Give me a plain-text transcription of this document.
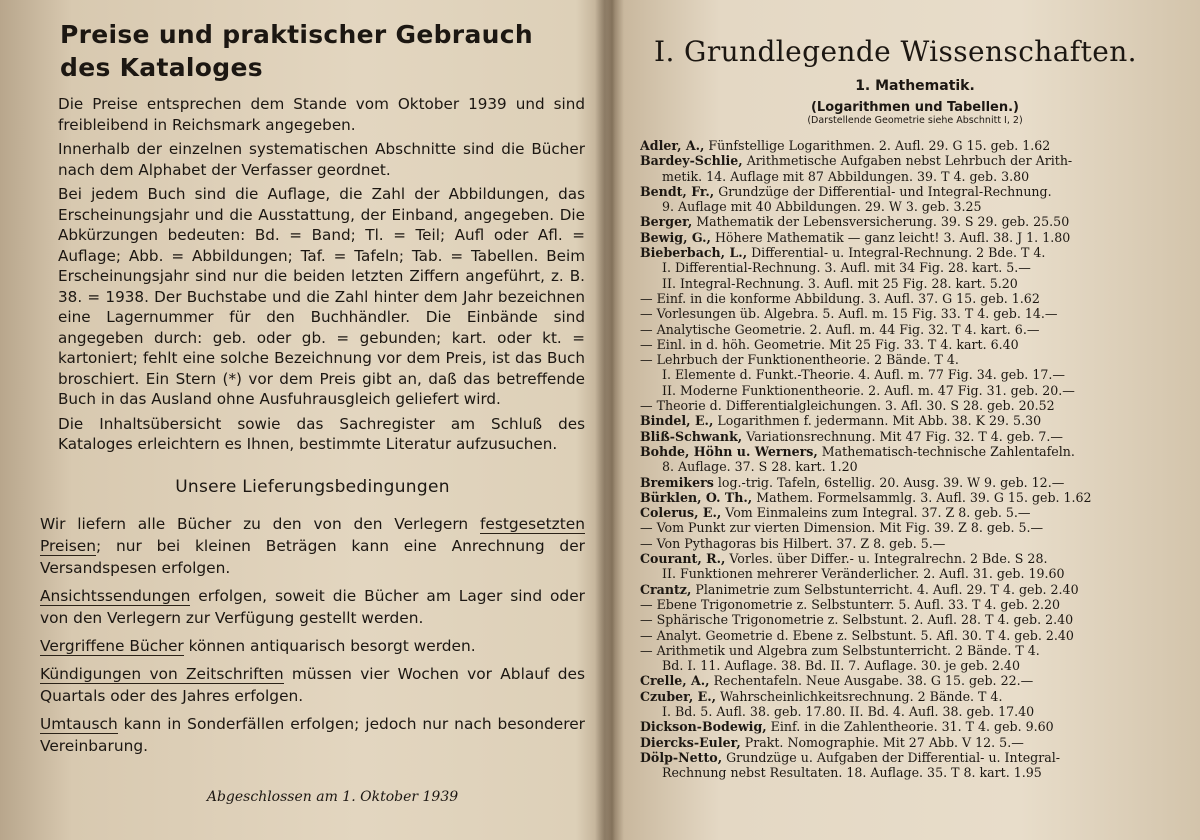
Preise und praktischer Gebrauch des Kataloges
Die Preise entsprechen dem Stande vom Oktober 1939 und sind freibleibend in Reichsmark angegeben.
Innerhalb der einzelnen systematischen Abschnitte sind die Bücher nach dem Alphabet der Verfasser geordnet.
Bei jedem Buch sind die Auflage, die Zahl der Abbildungen, das Erscheinungsjahr und die Ausstattung, der Einband, angegeben. Die Abkürzungen bedeuten: Bd. = Band; Tl. = Teil; Aufl oder Afl. = Auflage; Abb. = Abbildungen; Taf. = Tafeln; Tab. = Tabellen. Beim Erscheinungsjahr sind nur die beiden letzten Ziffern angeführt, z. B. 38. = 1938. Der Buchstabe und die Zahl hinter dem Jahr bezeichnen eine Lagernummer für den Buchhändler. Die Einbände sind angegeben durch: geb. oder gb. = gebunden; kart. oder kt. = kartoniert; fehlt eine solche Bezeichnung vor dem Preis, ist das Buch broschiert. Ein Stern (*) vor dem Preis gibt an, daß das betreffende Buch in das Ausland ohne Ausfuhrausgleich geliefert wird.
Die Inhaltsübersicht sowie das Sachregister am Schluß des Kataloges erleichtern es Ihnen, bestimmte Literatur aufzusuchen.
Unsere Lieferungsbedingungen
Wir liefern alle Bücher zu den von den Verlegern festgesetzten Preisen; nur bei kleinen Beträgen kann eine Anrechnung der Versandspesen erfolgen.
Ansichtssendungen erfolgen, soweit die Bücher am Lager sind oder von den Verlegern zur Verfügung gestellt werden.
Vergriffene Bücher können antiquarisch besorgt werden.
Kündigungen von Zeitschriften müssen vier Wochen vor Ablauf des Quartals oder des Jahres erfolgen.
Umtausch kann in Sonderfällen erfolgen; jedoch nur nach besonderer Vereinbarung.
Abgeschlossen am 1. Oktober 1939
I. Grundlegende Wissenschaften.
1. Mathematik.
(Logarithmen und Tabellen.)
(Darstellende Geometrie siehe Abschnitt I, 2)
Adler, A., Fünfstellige Logarithmen. 2. Aufl. 29. G 15. geb. 1.62
Bardey-Schlie, Arithmetische Aufgaben nebst Lehrbuch der Arith-
metik. 14. Auflage mit 87 Abbildungen. 39. T 4. geb. 3.80
Bendt, Fr., Grundzüge der Differential- und Integral-Rechnung.
9. Auflage mit 40 Abbildungen. 29. W 3. geb. 3.25
Berger, Mathematik der Lebensversicherung. 39. S 29. geb. 25.50
Bewig, G., Höhere Mathematik — ganz leicht! 3. Aufl. 38. J 1. 1.80
Bieberbach, L., Differential- u. Integral-Rechnung. 2 Bde. T 4.
I. Differential-Rechnung. 3. Aufl. mit 34 Fig. 28. kart. 5.—
II. Integral-Rechnung. 3. Aufl. mit 25 Fig. 28. kart. 5.20
— Einf. in die konforme Abbildung. 3. Aufl. 37. G 15. geb. 1.62
— Vorlesungen üb. Algebra. 5. Aufl. m. 15 Fig. 33. T 4. geb. 14.—
— Analytische Geometrie. 2. Aufl. m. 44 Fig. 32. T 4. kart. 6.—
— Einl. in d. höh. Geometrie. Mit 25 Fig. 33. T 4. kart. 6.40
— Lehrbuch der Funktionentheorie. 2 Bände. T 4.
I. Elemente d. Funkt.-Theorie. 4. Aufl. m. 77 Fig. 34. geb. 17.—
II. Moderne Funktionentheorie. 2. Aufl. m. 47 Fig. 31. geb. 20.—
— Theorie d. Differentialgleichungen. 3. Afl. 30. S 28. geb. 20.52
Bindel, E., Logarithmen f. jedermann. Mit Abb. 38. K 29. 5.30
Bliß-Schwank, Variationsrechnung. Mit 47 Fig. 32. T 4. geb. 7.—
Bohde, Höhn u. Werners, Mathematisch-technische Zahlentafeln.
8. Auflage. 37. S 28. kart. 1.20
Bremikers log.-trig. Tafeln, 6stellig. 20. Ausg. 39. W 9. geb. 12.—
Bürklen, O. Th., Mathem. Formelsammlg. 3. Aufl. 39. G 15. geb. 1.62
Colerus, E., Vom Einmaleins zum Integral. 37. Z 8. geb. 5.—
— Vom Punkt zur vierten Dimension. Mit Fig. 39. Z 8. geb. 5.—
— Von Pythagoras bis Hilbert. 37. Z 8. geb. 5.—
Courant, R., Vorles. über Differ.- u. Integralrechn. 2 Bde. S 28.
II. Funktionen mehrerer Veränderlicher. 2. Aufl. 31. geb. 19.60
Crantz, Planimetrie zum Selbstunterricht. 4. Aufl. 29. T 4. geb. 2.40
— Ebene Trigonometrie z. Selbstunterr. 5. Aufl. 33. T 4. geb. 2.20
— Sphärische Trigonometrie z. Selbstunt. 2. Aufl. 28. T 4. geb. 2.40
— Analyt. Geometrie d. Ebene z. Selbstunt. 5. Afl. 30. T 4. geb. 2.40
— Arithmetik und Algebra zum Selbstunterricht. 2 Bände. T 4.
Bd. I. 11. Auflage. 38. Bd. II. 7. Auflage. 30. je geb. 2.40
Crelle, A., Rechentafeln. Neue Ausgabe. 38. G 15. geb. 22.—
Czuber, E., Wahrscheinlichkeitsrechnung. 2 Bände. T 4.
I. Bd. 5. Aufl. 38. geb. 17.80. II. Bd. 4. Aufl. 38. geb. 17.40
Dickson-Bodewig, Einf. in die Zahlentheorie. 31. T 4. geb. 9.60
Diercks-Euler, Prakt. Nomographie. Mit 27 Abb. V 12. 5.—
Dölp-Netto, Grundzüge u. Aufgaben der Differential- u. Integral-
Rechnung nebst Resultaten. 18. Auflage. 35. T 8. kart. 1.95
